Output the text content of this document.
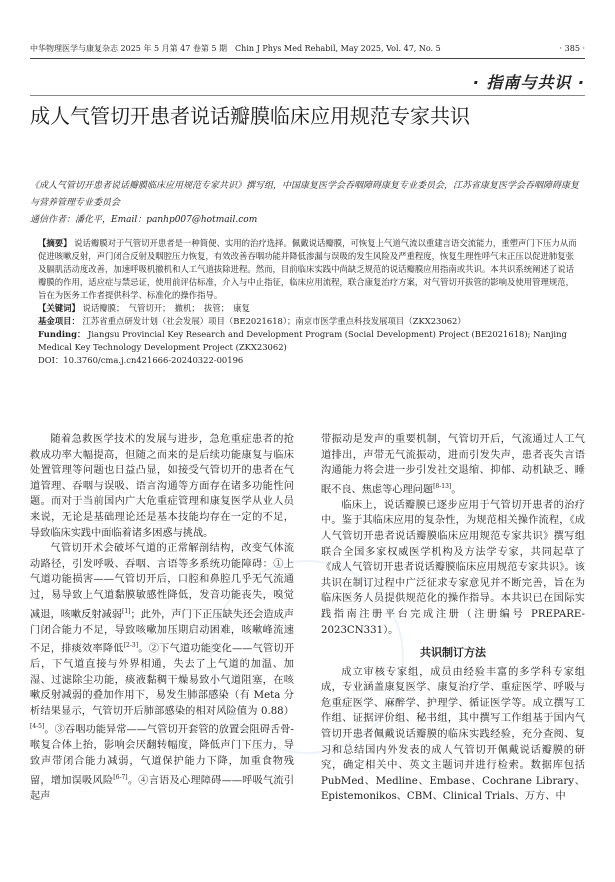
中华物理医学与康复杂志 2025 年 5 月第 47 卷第 5 期　Chin J Phys Med Rehabil, May 2025, Vol. 47, No. 5	· 385 ·
· 指南与共识 ·
成人气管切开患者说话瓣膜临床应用规范专家共识
《成人气管切开患者说话瓣膜临床应用规范专家共识》撰写组，中国康复医学会吞咽障碍康复专业委员会，江苏省康复医学会吞咽障碍康复与营养管理专业委员会
通信作者：潘化平，Email：panhp007@hotmail.com

【摘要】 说话瓣膜对于气管切开患者是一种简便、实用的治疗选择。佩戴说话瓣膜，可恢复上气道气流以重建言语交流能力，重塑声门下压力从而促进咳嗽反射，声门闭合反射及咽腔压力恢复，有效改善吞咽功能并降低渗漏与误吸的发生风险及严重程度，恢复生理性呼气末正压以促进肺复张及膈肌活动度改善，加速呼吸机撤机和人工气道拔除进程。然而，目前临床实践中尚缺乏规范的说话瓣膜应用指南或共识。本共识系统阐述了说话瓣膜的作用，适应症与禁忌证，使用前评估标准，介入与中止指征，临床应用流程，联合康复治疗方案，对气管切开拔管的影响及使用管理规范，旨在为医务工作者提供科学、标准化的操作指导。

【关键词】 说话瓣膜；　气管切开；　撤机；　拔管；　康复

基金项目： 江苏省重点研发计划（社会发展）项目（BE2021618）；南京市医学重点科技发展项目（ZKX23062）

Funding： Jiangsu Provincial Key Research and Development Program (Social Development) Project (BE2021618); Nanjing Medical Key Technology Development Project (ZKX23062)

DOI：10.3760/cma.j.cn421666-20240322-00196

随着急救医学技术的发展与进步，急危重症患者的抢救成功率大幅提高，但随之而来的是后续功能康复与临床处置管理等问题也日益凸显，如接受气管切开的患者在气道管理、吞咽与误吸、语言沟通等方面存在诸多功能性问题。而对于当前国内广大危重症管理和康复医学从业人员来说，无论是基础理论还是基本技能均存在一定的不足，导致临床实践中面临着诸多困惑与挑战。

气管切开术会破坏气道的正常解剖结构，改变气体流动路径，引发呼吸、吞咽、言语等多系统功能障碍：①上气道功能损害——气管切开后，口腔和鼻腔几乎无气流通过，易导致上气道黏膜敏感性降低，发音功能丧失，嗅觉减退，咳嗽反射减弱[1]；此外，声门下正压缺失还会造成声门闭合能力不足，导致咳嗽加压期启动困难，咳嗽峰流速不足，排痰效率降低[2-3]。②下气道功能变化——气管切开后，下气道直接与外界相通，失去了上气道的加温、加湿、过滤除尘功能，痰液黏稠干燥易致小气道阻塞，在咳嗽反射减弱的叠加作用下，易发生肺部感染（有 Meta 分析结果显示，气管切开后肺部感染的相对风险值为 0.88）[4-5]。③吞咽功能异常——气管切开套管的放置会阻碍舌骨-喉复合体上抬，影响会厌翻转幅度，降低声门下压力，导致声带闭合能力减弱，气道保护能力下降，加重食物残留，增加误吸风险[6-7]。④言语及心理障碍——呼吸气流引起声

带振动是发声的重要机制，气管切开后，气流通过人工气道排出，声带无气流振动，进而引发失声，患者丧失言语沟通能力将会进一步引发社交退缩、抑郁、动机缺乏、睡眠不良、焦虑等心理问题[8-13]。

临床上，说话瓣膜已逐步应用于气管切开患者的治疗中。鉴于其临床应用的复杂性，为规范相关操作流程，《成人气管切开患者说话瓣膜临床应用规范专家共识》撰写组联合全国多家权威医学机构及方法学专家，共同起草了《成人气管切开患者说话瓣膜临床应用规范专家共识》。该共识在制订过程中广泛征求专家意见并不断完善，旨在为临床医务人员提供规范化的操作指导。本共识已在国际实践指南注册平台完成注册（注册编号 PREPARE-2023CN331）。

共识制订方法

成立审核专家组，成员由经验丰富的多学科专家组成，专业涵盖康复医学、康复治疗学、重症医学、呼吸与危重症医学、麻醉学、护理学、循证医学等。成立撰写工作组、证据评价组、秘书组，其中撰写工作组基于国内气管切开患者佩戴说话瓣膜的临床实践经验，充分查阅、复习和总结国内外发表的成人气管切开佩戴说话瓣膜的研究，确定相关中、英文主题词并进行检索。数据库包括 PubMed、Medline、Embase、Cochrane Library、Epistemonikos、CBM、Clinical Trials、万方、中
